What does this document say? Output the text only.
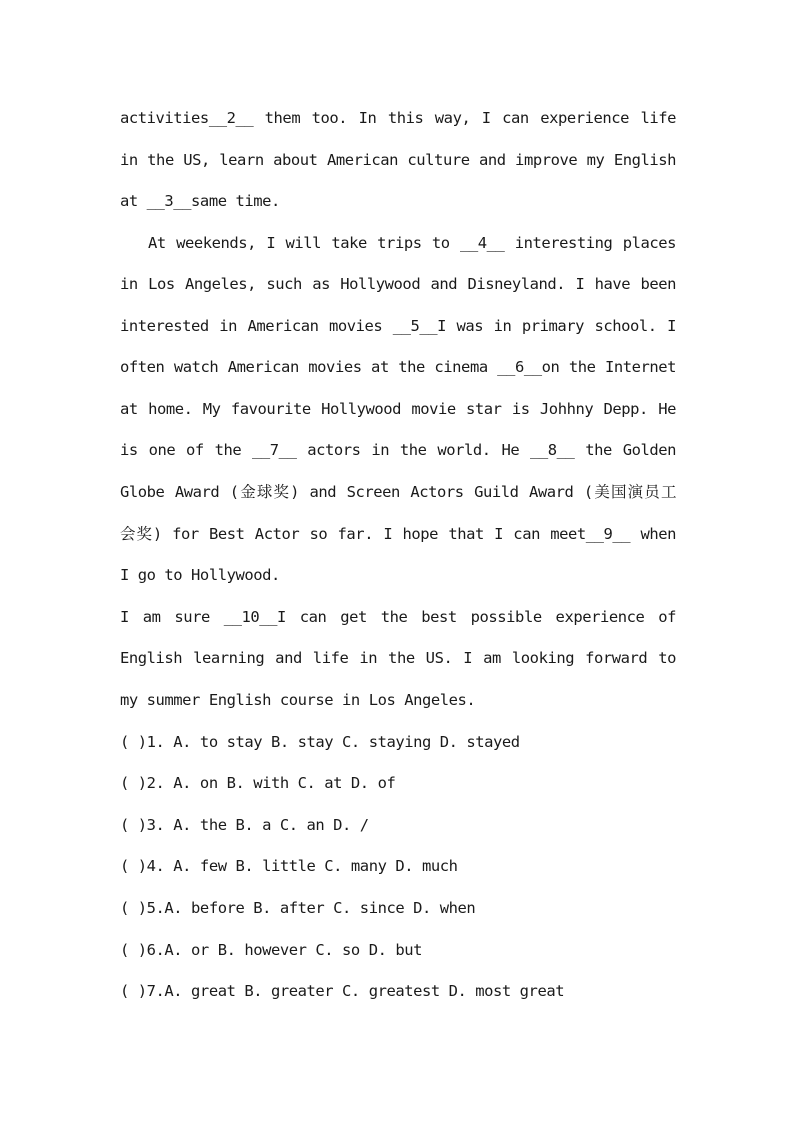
activities__2__ them too. In this way, I can experience life
in the US, learn about American culture and improve my English
at __3__same time.
At weekends, I will take trips to __4__ interesting places
in Los Angeles, such as Hollywood and Disneyland. I have been
interested in American movies __5__I was in primary school. I
often watch American movies at the cinema __6__on the Internet
at home. My favourite Hollywood movie star is Johhny Depp. He
is one of the __7__ actors in the world. He __8__ the Golden
Globe Award (金球奖) and Screen Actors Guild Award (美国演员工
会奖) for Best Actor so far. I hope that I can meet__9__ when
I go to Hollywood.
I am sure __10__I can get the best possible experience of
English learning and life in the US. I am looking forward to
my summer English course in Los Angeles.
( )1. A. to stay B. stay C. staying D. stayed
( )2. A. on B. with C. at D. of
( )3. A. the B. a C. an D. /
( )4. A. few B. little C. many D. much
( )5.A. before B. after C. since D. when
( )6.A. or B. however C. so D. but
( )7.A. great B. greater C. greatest D. most great
